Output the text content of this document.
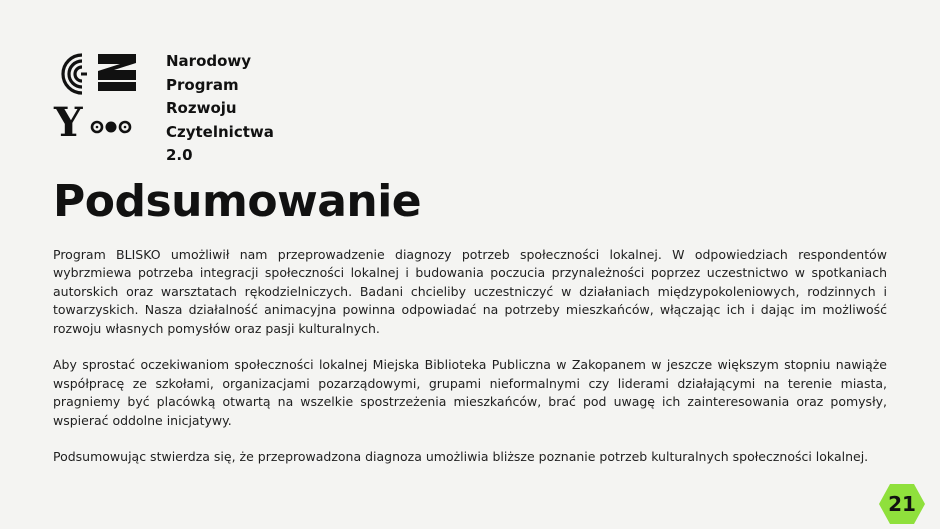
Y
Narodowy
Program
Rozwoju
Czytelnictwa
2.0
Podsumowanie

Program BLISKO umożliwił nam przeprowadzenie diagnozy potrzeb społeczności lokalnej. W odpowiedziach respondentów wybrzmiewa potrzeba integracji społeczności lokalnej i budowania poczucia przynależności poprzez uczestnictwo w spotkaniach autorskich oraz warsztatach rękodzielniczych. Badani chcieliby uczestniczyć w działaniach międzypokoleniowych, rodzinnych i towarzyskich. Nasza działalność animacyjna powinna odpowiadać na potrzeby mieszkańców, włączając ich i dając im możliwość rozwoju własnych pomysłów oraz pasji kulturalnych.

Aby sprostać oczekiwaniom społeczności lokalnej Miejska Biblioteka Publiczna w Zakopanem w jeszcze większym stopniu nawiąże współpracę ze szkołami, organizacjami pozarządowymi, grupami nieformalnymi czy liderami działającymi na terenie miasta, pragniemy być placówką otwartą na wszelkie spostrzeżenia mieszkańców, brać pod uwagę ich zainteresowania oraz pomysły, wspierać oddolne inicjatywy.

Podsumowując stwierdza się, że przeprowadzona diagnoza umożliwia bliższe poznanie potrzeb kulturalnych społeczności lokalnej.

21
